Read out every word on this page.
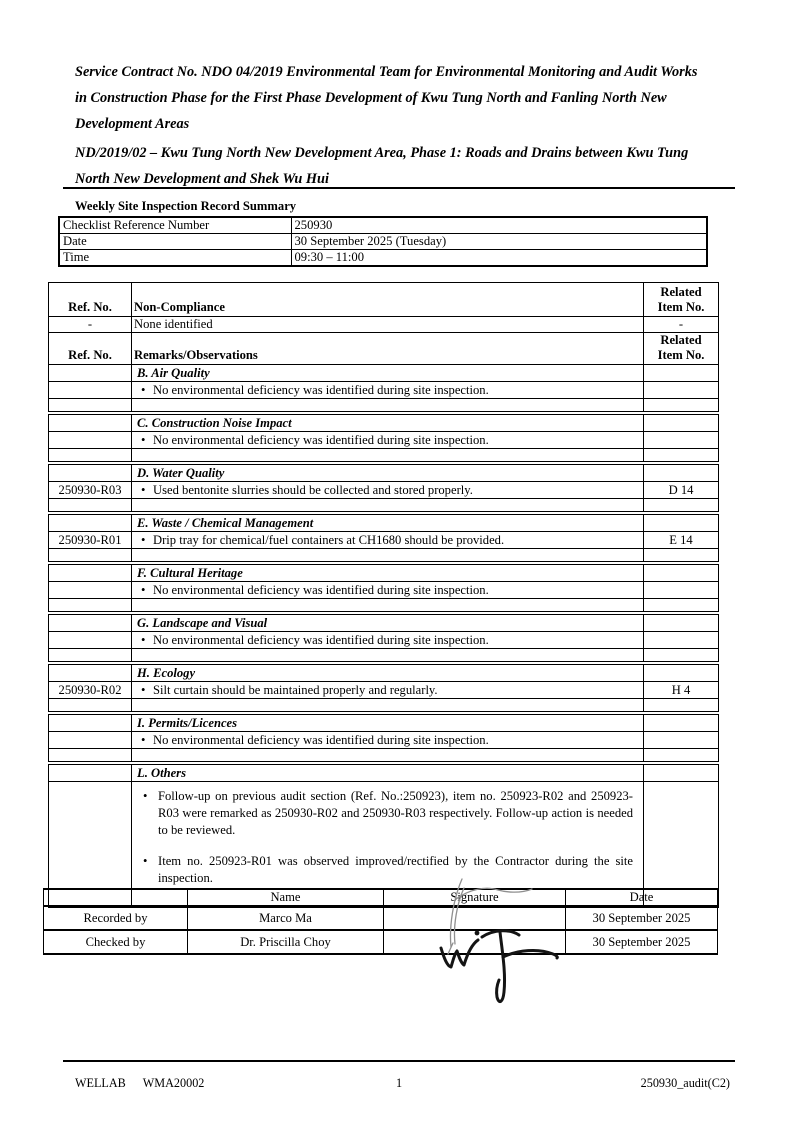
Service Contract No. NDO 04/2019 Environmental Team for Environmental Monitoring and Audit Works in Construction Phase for the First Phase Development of Kwu Tung North and Fanling North New Development Areas

ND/2019/02 – Kwu Tung North New Development Area, Phase 1: Roads and Drains between Kwu Tung North New Development and Shek Wu Hui

Weekly Site Inspection Record Summary
Checklist Reference Number	250930
Date	30 September 2025 (Tuesday)
Time	09:30 – 11:00
Ref. No.	Non-Compliance	Related
Item No.

-	None identified	-
Ref. No.	Remarks/Observations	Related
Item No.

	B. Air Quality	
	• No environmental deficiency was identified during site inspection.	

	C. Construction Noise Impact	
	• No environmental deficiency was identified during site inspection.	

	D. Water Quality	
250930-R03	• Used bentonite slurries should be collected and stored properly.	D 14

	E. Waste / Chemical Management	
250930-R01	• Drip tray for chemical/fuel containers at CH1680 should be provided.	E 14

	F. Cultural Heritage	
	• No environmental deficiency was identified during site inspection.	

	G. Landscape and Visual	
	• No environmental deficiency was identified during site inspection.	

	H. Ecology	
250930-R02	• Silt curtain should be maintained properly and regularly.	H 4

	I. Permits/Licences	
	• No environmental deficiency was identified during site inspection.	

	L. Others	

	• Follow-up on previous audit section (Ref. No.:250923), item no. 250923-R02 and 250923-R03 were remarked as 250930-R02 and 250930-R03 respectively. Follow-up action is needed to be reviewed.

• Item no. 250923-R01 was observed improved/rectified by the Contractor during the site inspection.	

	Name	Signature	Date
Recorded by	Marco Ma		30 September 2025
Checked by	Dr. Priscilla Choy		30 September 2025
WELLAB WMA20002	1	250930_audit(C2)
